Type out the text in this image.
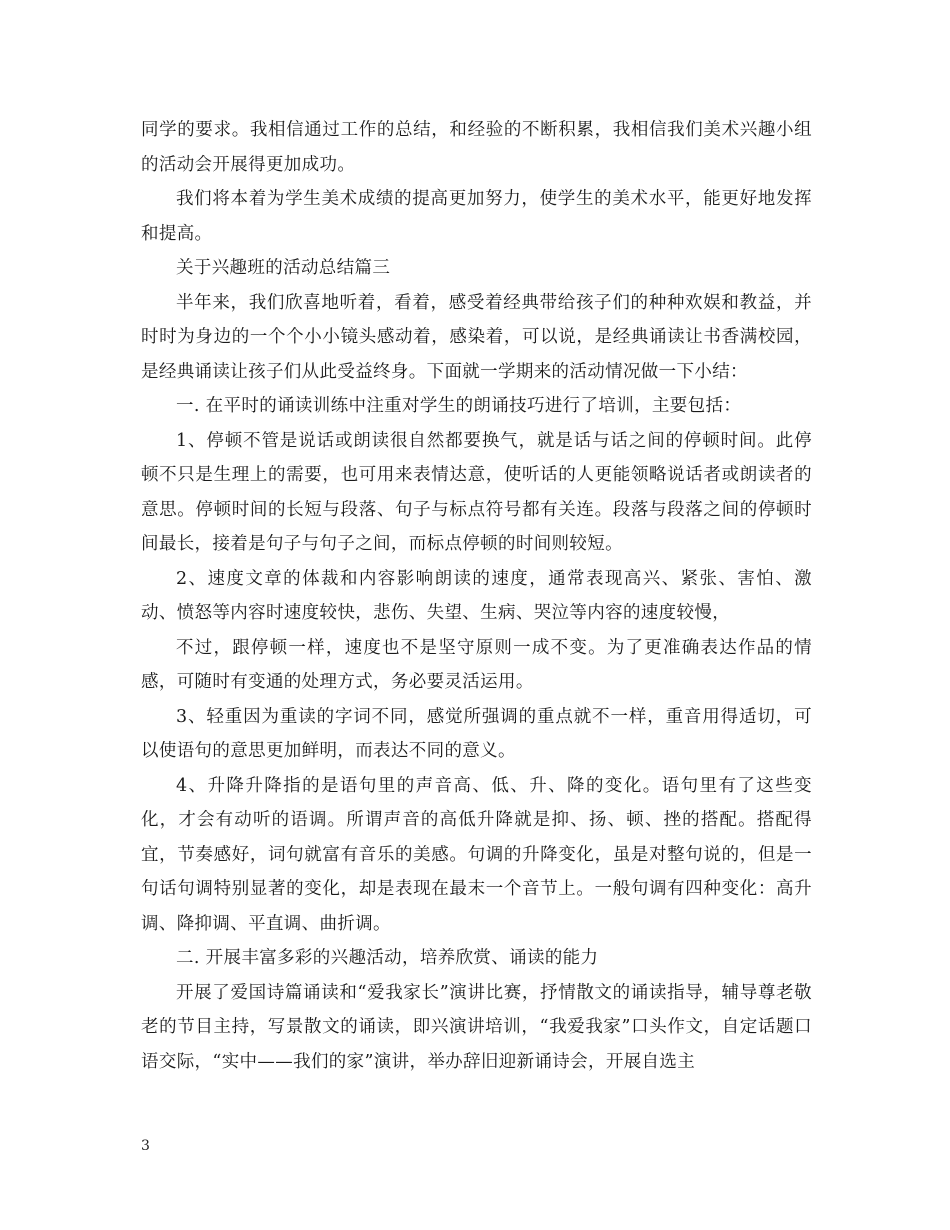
同学的要求。我相信通过工作的总结，和经验的不断积累，我相信我们美术兴趣小组的活动会开展得更加成功。

我们将本着为学生美术成绩的提高更加努力，使学生的美术水平，能更好地发挥和提高。

关于兴趣班的活动总结篇三

半年来，我们欣喜地听着，看着，感受着经典带给孩子们的种种欢娱和教益，并时时为身边的一个个小小镜头感动着，感染着，可以说，是经典诵读让书香满校园，是经典诵读让孩子们从此受益终身。下面就一学期来的活动情况做一下小结：

一. 在平时的诵读训练中注重对学生的朗诵技巧进行了培训，主要包括：

1、停顿不管是说话或朗读很自然都要换气，就是话与话之间的停顿时间。此停顿不只是生理上的需要，也可用来表情达意，使听话的人更能领略说话者或朗读者的意思。停顿时间的长短与段落、句子与标点符号都有关连。段落与段落之间的停顿时间最长，接着是句子与句子之间，而标点停顿的时间则较短。

2、速度文章的体裁和内容影响朗读的速度，通常表现高兴、紧张、害怕、激动、愤怒等内容时速度较快，悲伤、失望、生病、哭泣等内容的速度较慢，

不过，跟停顿一样，速度也不是坚守原则一成不变。为了更准确表达作品的情感，可随时有变通的处理方式，务必要灵活运用。

3、轻重因为重读的字词不同，感觉所强调的重点就不一样，重音用得适切，可以使语句的意思更加鲜明，而表达不同的意义。

4、升降升降指的是语句里的声音高、低、升、降的变化。语句里有了这些变化，才会有动听的语调。所谓声音的高低升降就是抑、扬、顿、挫的搭配。搭配得宜，节奏感好，词句就富有音乐的美感。句调的升降变化，虽是对整句说的，但是一句话句调特别显著的变化，却是表现在最末一个音节上。一般句调有四种变化：高升调、降抑调、平直调、曲折调。

二. 开展丰富多彩的兴趣活动，培养欣赏、诵读的能力

开展了爱国诗篇诵读和“爱我家长”演讲比赛，抒情散文的诵读指导，辅导尊老敬老的节目主持，写景散文的诵读，即兴演讲培训，“我爱我家”口头作文，自定话题口语交际，“实中——我们的家”演讲，举办辞旧迎新诵诗会，开展自选主

3
